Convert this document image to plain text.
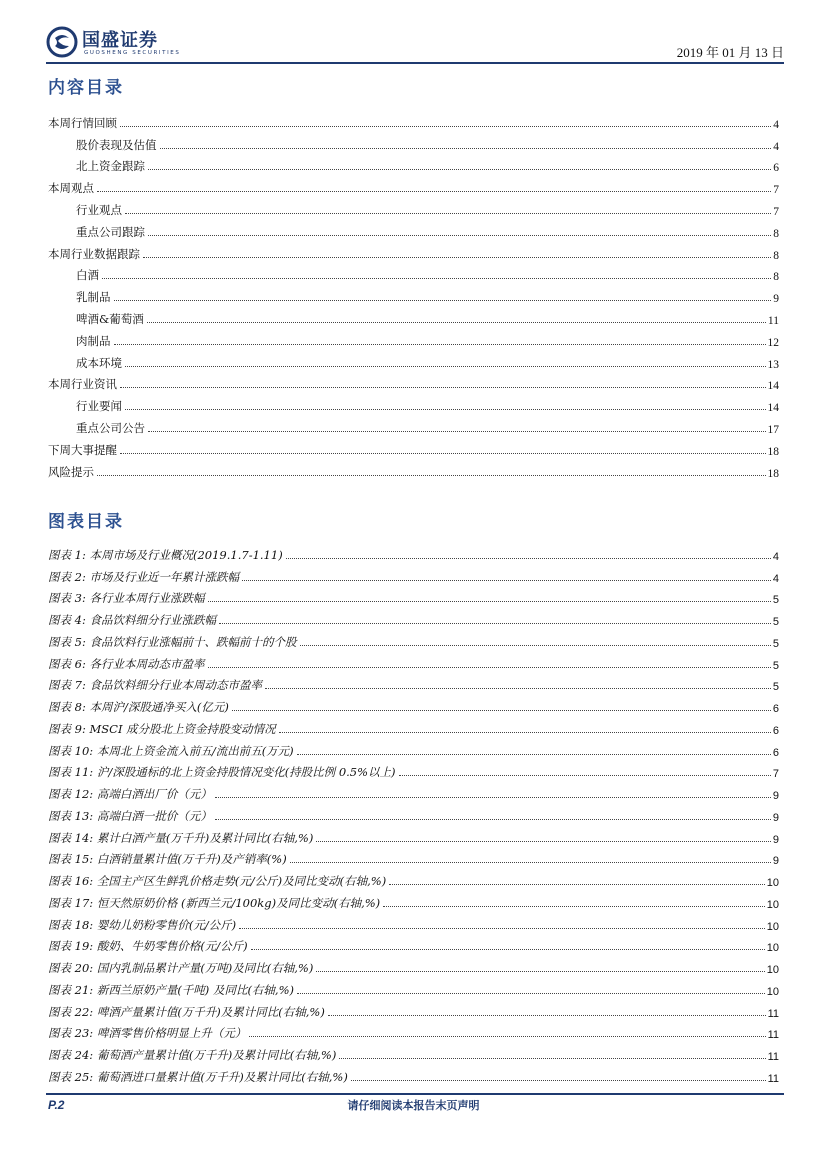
国盛证券
GUOSHENG SECURITIES	2019 年 01 月 13 日
内容目录
本周行情回顾	4
股价表现及估值	4
北上资金跟踪	6
本周观点	7
行业观点	7
重点公司跟踪	8
本周行业数据跟踪	8
白酒	8
乳制品	9
啤酒&葡萄酒	11
肉制品	12
成本环境	13
本周行业资讯	14
行业要闻	14
重点公司公告	17
下周大事提醒	18
风险提示	18
图表目录
图表 1: 本周市场及行业概况(2019.1.7-1.11)	4
图表 2: 市场及行业近一年累计涨跌幅	4
图表 3: 各行业本周行业涨跌幅	5
图表 4: 食品饮料细分行业涨跌幅	5
图表 5: 食品饮料行业涨幅前十、跌幅前十的个股	5
图表 6: 各行业本周动态市盈率	5
图表 7: 食品饮料细分行业本周动态市盈率	5
图表 8: 本周沪/深股通净买入(亿元)	6
图表 9: MSCI 成分股北上资金持股变动情况	6
图表 10: 本周北上资金流入前五/流出前五(万元)	6
图表 11: 沪/深股通标的北上资金持股情况变化(持股比例 0.5%以上)	7
图表 12: 高端白酒出厂价（元）	9
图表 13: 高端白酒一批价（元）	9
图表 14: 累计白酒产量(万千升)及累计同比(右轴,%)	9
图表 15: 白酒销量累计值(万千升)及产销率(%)	9
图表 16: 全国主产区生鲜乳价格走势(元/公斤)及同比变动(右轴,%)	10
图表 17: 恒天然原奶价格 (新西兰元/100kg)及同比变动(右轴,%)	10
图表 18: 婴幼儿奶粉零售价(元/公斤)	10
图表 19: 酸奶、牛奶零售价格(元/公斤)	10
图表 20: 国内乳制品累计产量(万吨)及同比(右轴,%)	10
图表 21: 新西兰原奶产量(千吨) 及同比(右轴,%)	10
图表 22: 啤酒产量累计值(万千升)及累计同比(右轴,%)	11
图表 23: 啤酒零售价格明显上升（元）	11
图表 24: 葡萄酒产量累计值(万千升)及累计同比(右轴,%)	11
图表 25: 葡萄酒进口量累计值(万千升)及累计同比(右轴,%)	11
P.2	请仔细阅读本报告末页声明
